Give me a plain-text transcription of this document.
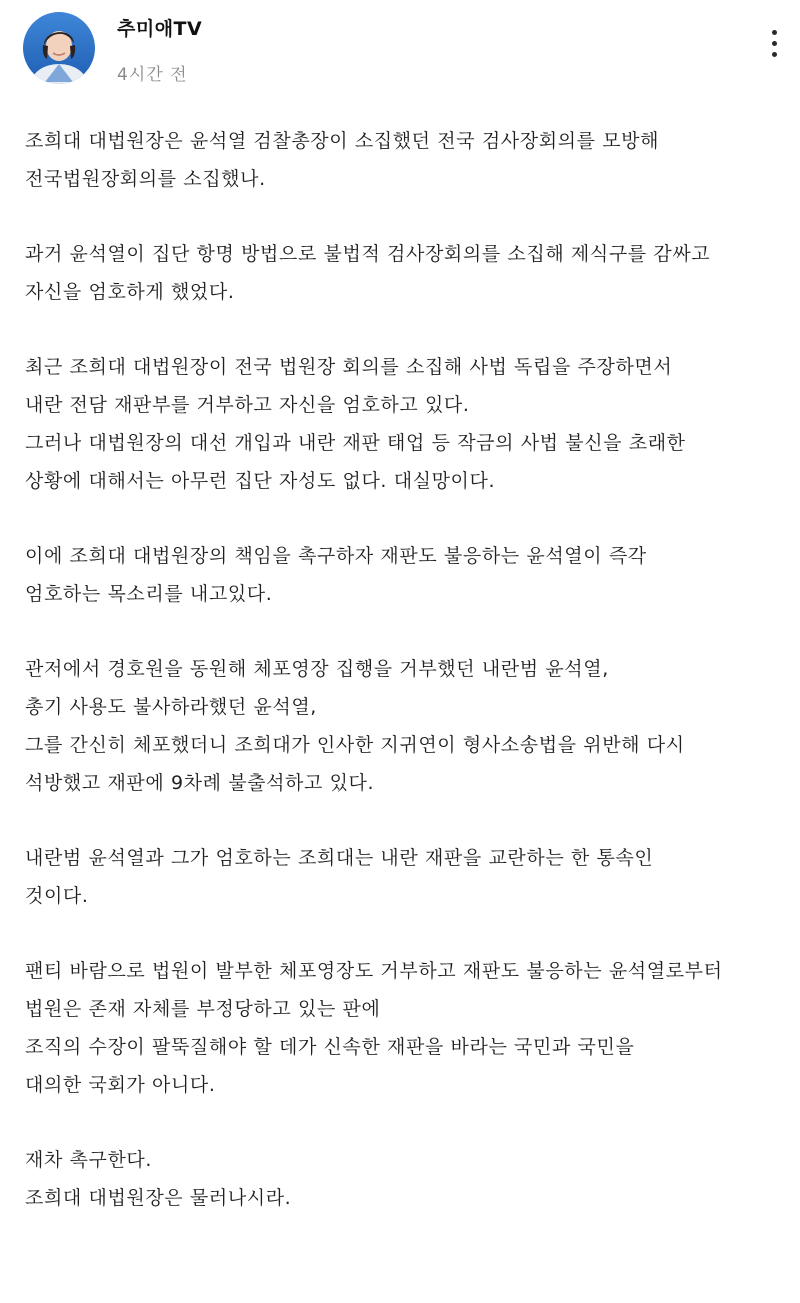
추미애TV
4시간 전
조희대 대법원장은 윤석열 검찰총장이 소집했던 전국 검사장회의를 모방해
전국법원장회의를 소집했나.
과거 윤석열이 집단 항명 방법으로 불법적 검사장회의를 소집해 제식구를 감싸고
자신을 엄호하게 했었다.
최근 조희대 대법원장이 전국 법원장 회의를 소집해 사법 독립을 주장하면서
내란 전담 재판부를 거부하고 자신을 엄호하고 있다.
그러나 대법원장의 대선 개입과 내란 재판 태업 등 작금의 사법 불신을 초래한
상황에 대해서는 아무런 집단 자성도 없다. 대실망이다.
이에 조희대 대법원장의 책임을 촉구하자 재판도 불응하는 윤석열이 즉각
엄호하는 목소리를 내고있다.
관저에서 경호원을 동원해 체포영장 집행을 거부했던 내란범 윤석열,
총기 사용도 불사하라했던 윤석열,
그를 간신히 체포했더니 조희대가 인사한 지귀연이 형사소송법을 위반해 다시
석방했고 재판에 9차례 불출석하고 있다.
내란범 윤석열과 그가 엄호하는 조희대는 내란 재판을 교란하는 한 통속인
것이다.
팬티 바람으로 법원이 발부한 체포영장도 거부하고 재판도 불응하는 윤석열로부터
법원은 존재 자체를 부정당하고 있는 판에
조직의 수장이 팔뚝질해야 할 데가 신속한 재판을 바라는 국민과 국민을
대의한 국회가 아니다.
재차 촉구한다.
조희대 대법원장은 물러나시라.
